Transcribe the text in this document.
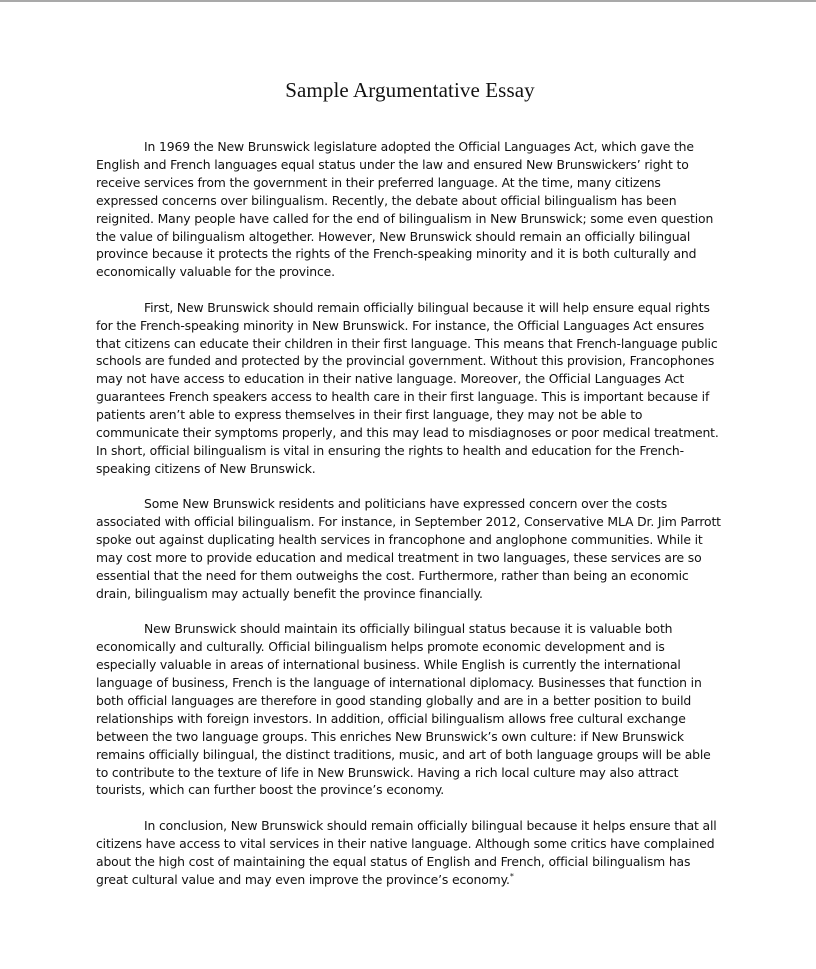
Sample Argumentative Essay

In 1969 the New Brunswick legislature adopted the Official Languages Act, which gave the English and French languages equal status under the law and ensured New Brunswickers’ right to receive services from the government in their preferred language. At the time, many citizens expressed concerns over bilingualism. Recently, the debate about official bilingualism has been reignited. Many people have called for the end of bilingualism in New Brunswick; some even question the value of bilingualism altogether. However, New Brunswick should remain an officially bilingual province because it protects the rights of the French-speaking minority and it is both culturally and economically valuable for the province.

First, New Brunswick should remain officially bilingual because it will help ensure equal rights for the French-speaking minority in New Brunswick. For instance, the Official Languages Act ensures that citizens can educate their children in their first language. This means that French-language public schools are funded and protected by the provincial government. Without this provision, Francophones may not have access to education in their native language. Moreover, the Official Languages Act guarantees French speakers access to health care in their first language. This is important because if patients aren’t able to express themselves in their first language, they may not be able to communicate their symptoms properly, and this may lead to misdiagnoses or poor medical treatment. In short, official bilingualism is vital in ensuring the rights to health and education for the French-speaking citizens of New Brunswick.

Some New Brunswick residents and politicians have expressed concern over the costs associated with official bilingualism. For instance, in September 2012, Conservative MLA Dr. Jim Parrott spoke out against duplicating health services in francophone and anglophone communities. While it may cost more to provide education and medical treatment in two languages, these services are so essential that the need for them outweighs the cost. Furthermore, rather than being an economic drain, bilingualism may actually benefit the province financially.

New Brunswick should maintain its officially bilingual status because it is valuable both economically and culturally. Official bilingualism helps promote economic development and is especially valuable in areas of international business. While English is currently the international language of business, French is the language of international diplomacy. Businesses that function in both official languages are therefore in good standing globally and are in a better position to build relationships with foreign investors. In addition, official bilingualism allows free cultural exchange between the two language groups. This enriches New Brunswick’s own culture: if New Brunswick remains officially bilingual, the distinct traditions, music, and art of both language groups will be able to contribute to the texture of life in New Brunswick. Having a rich local culture may also attract tourists, which can further boost the province’s economy.

In conclusion, New Brunswick should remain officially bilingual because it helps ensure that all citizens have access to vital services in their native language. Although some critics have complained about the high cost of maintaining the equal status of English and French, official bilingualism has great cultural value and may even improve the province’s economy.*
